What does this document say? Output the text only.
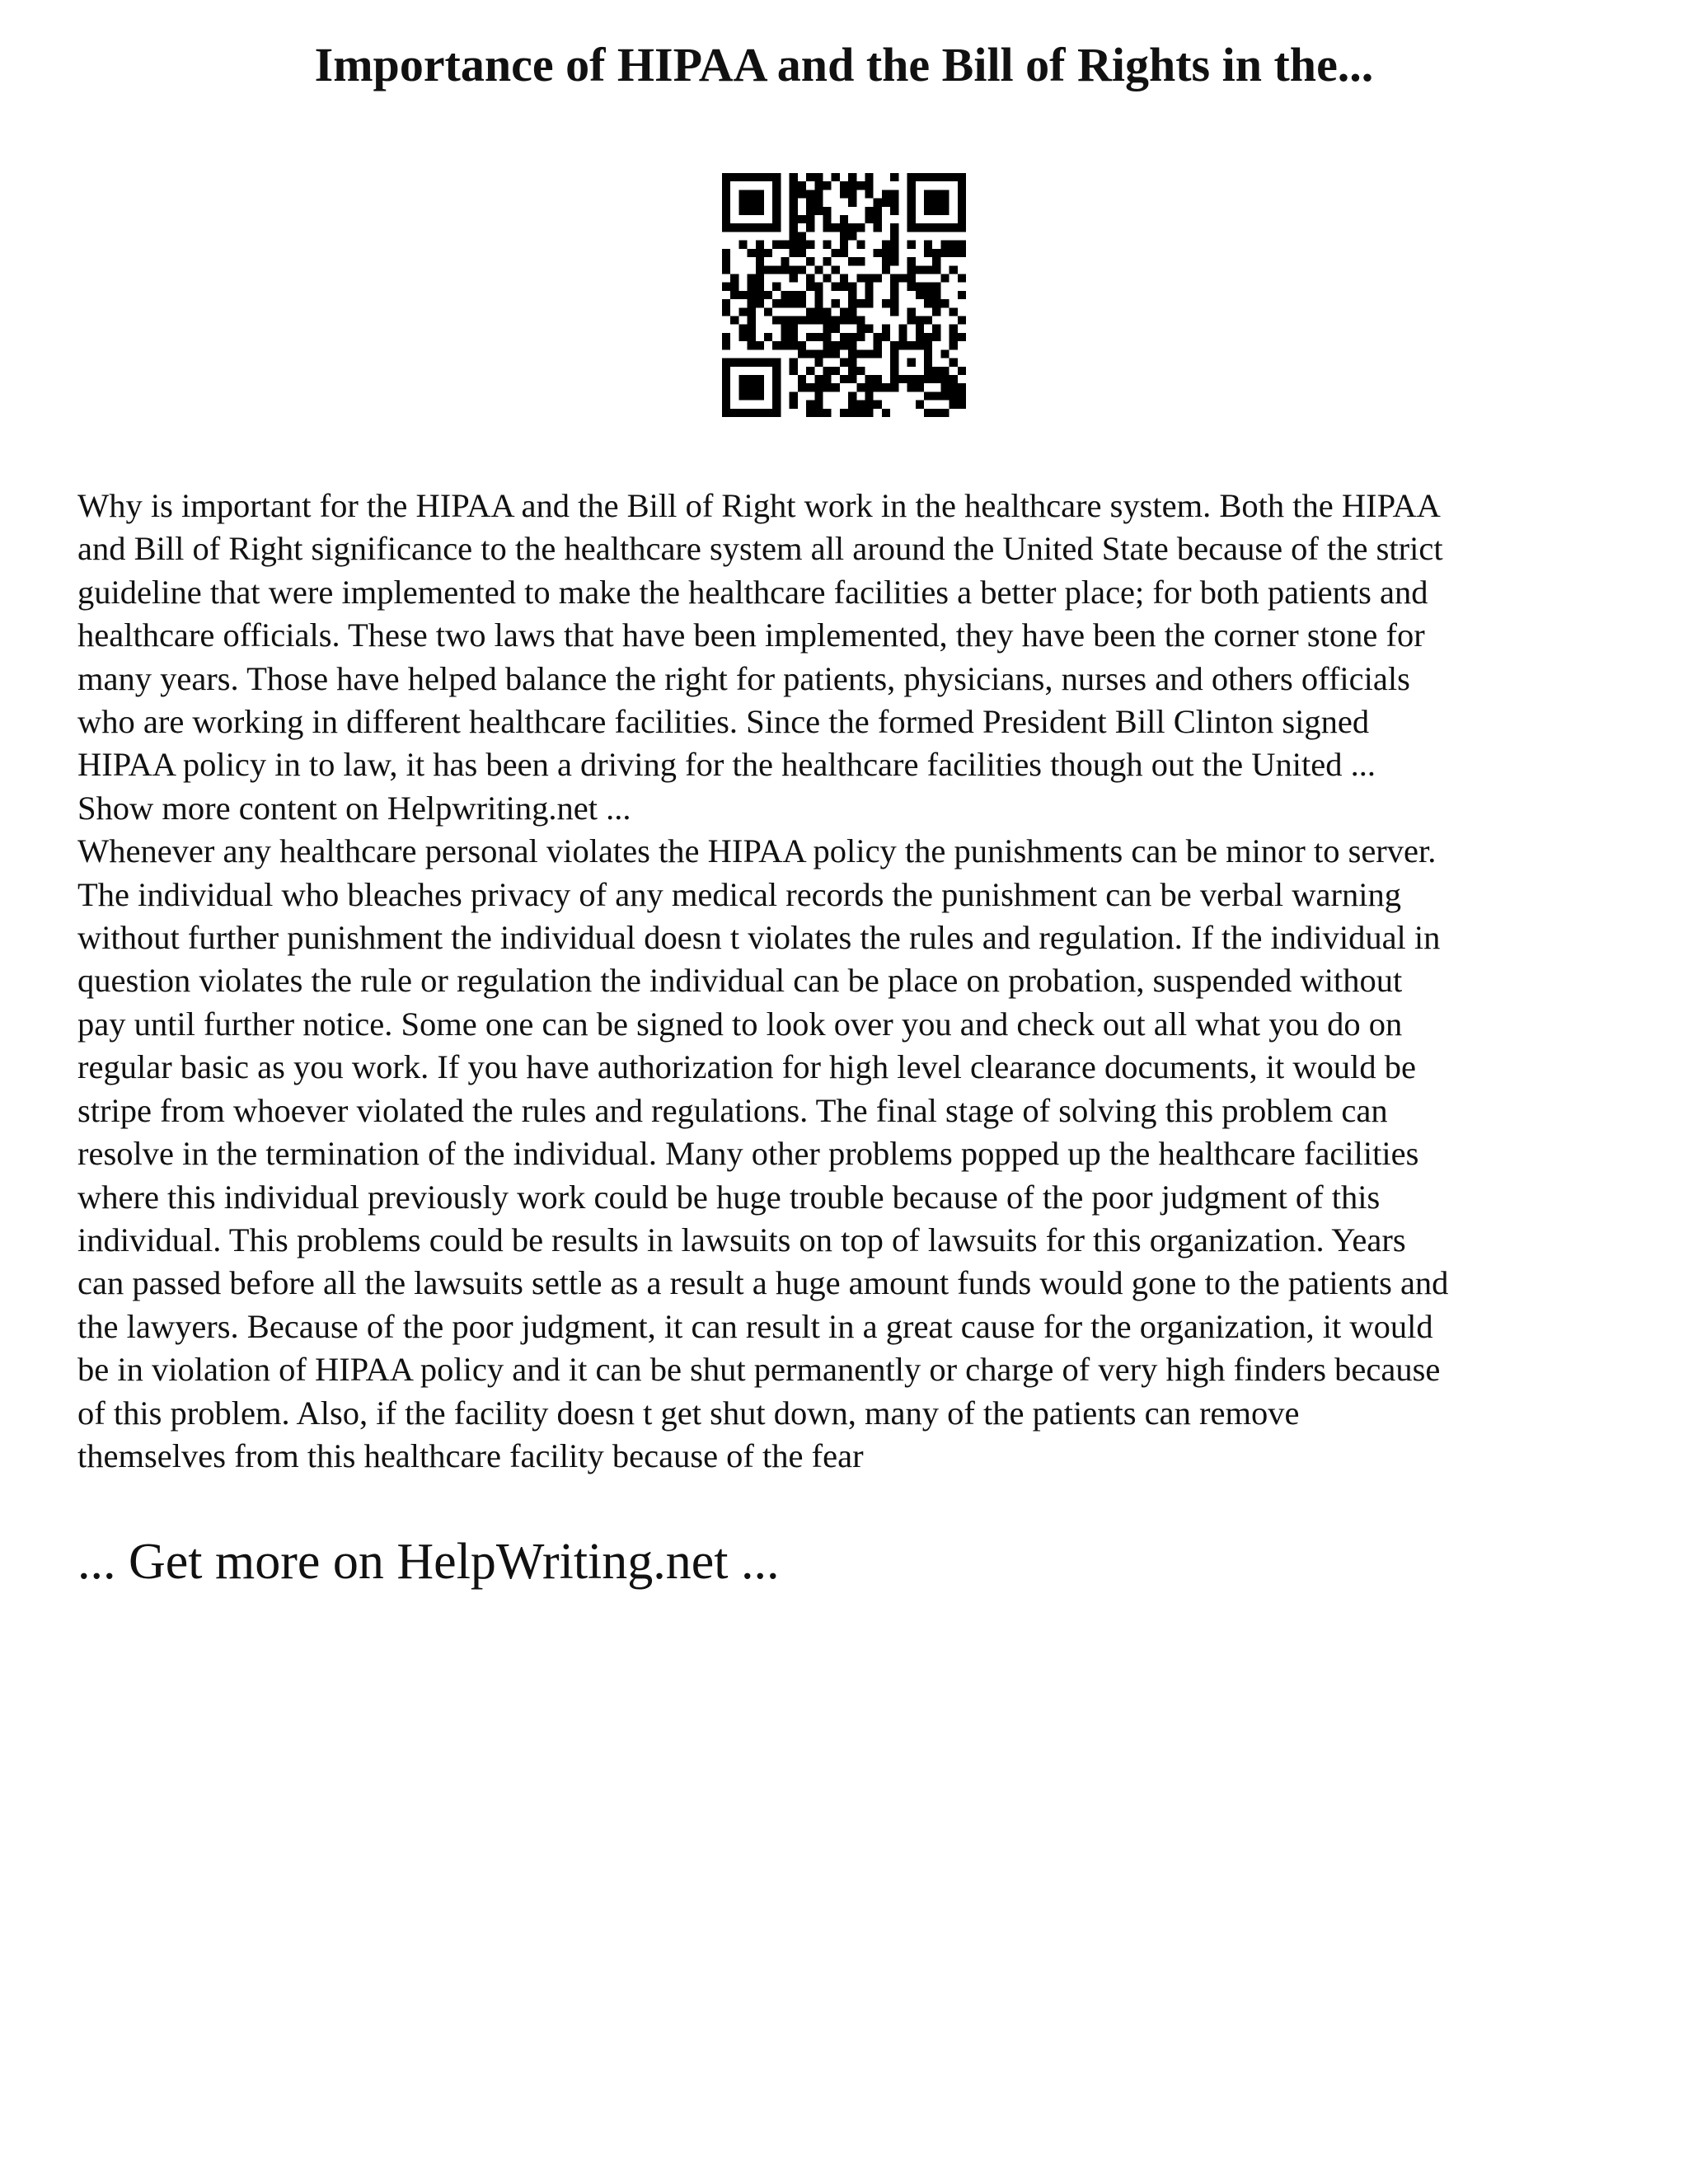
Importance of HIPAA and the Bill of Rights in the...
Why is important for the HIPAA and the Bill of Right work in the healthcare system. Both the HIPAA
and Bill of Right significance to the healthcare system all around the United State because of the strict
guideline that were implemented to make the healthcare facilities a better place; for both patients and
healthcare officials. These two laws that have been implemented, they have been the corner stone for
many years. Those have helped balance the right for patients, physicians, nurses and others officials
who are working in different healthcare facilities. Since the formed President Bill Clinton signed
HIPAA policy in to law, it has been a driving for the healthcare facilities though out the United ...
Show more content on Helpwriting.net ...
Whenever any healthcare personal violates the HIPAA policy the punishments can be minor to server.
The individual who bleaches privacy of any medical records the punishment can be verbal warning
without further punishment the individual doesn t violates the rules and regulation. If the individual in
question violates the rule or regulation the individual can be place on probation, suspended without
pay until further notice. Some one can be signed to look over you and check out all what you do on
regular basic as you work. If you have authorization for high level clearance documents, it would be
stripe from whoever violated the rules and regulations. The final stage of solving this problem can
resolve in the termination of the individual. Many other problems popped up the healthcare facilities
where this individual previously work could be huge trouble because of the poor judgment of this
individual. This problems could be results in lawsuits on top of lawsuits for this organization. Years
can passed before all the lawsuits settle as a result a huge amount funds would gone to the patients and
the lawyers. Because of the poor judgment, it can result in a great cause for the organization, it would
be in violation of HIPAA policy and it can be shut permanently or charge of very high finders because
of this problem. Also, if the facility doesn t get shut down, many of the patients can remove
themselves from this healthcare facility because of the fear
... Get more on HelpWriting.net ...
